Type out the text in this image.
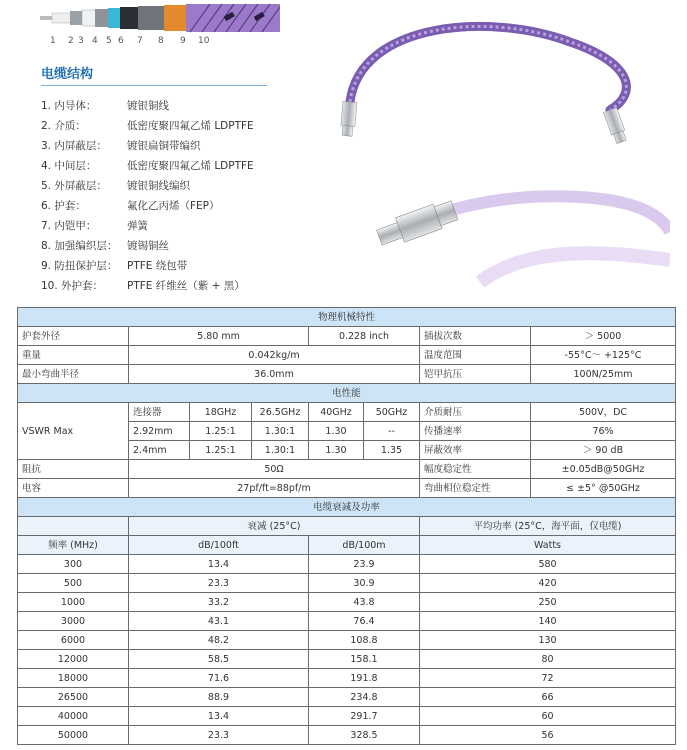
1 2 3 4 5 6 7 8 9 10
电缆结构
1. 内导体：	镀银铜线
2. 介质：	低密度聚四氟乙烯 LDPTFE
3. 内屏蔽层： 镀银扁铜带编织
4. 中间层：	低密度聚四氟乙烯 LDPTFE
5. 外屏蔽层： 镀银铜线编织
6. 护套：	氟化乙丙烯（FEP）
7. 内铠甲：	弹簧
8. 加强编织层： 镀锡铜丝
9. 防扭保护层： PTFE 绕包带
10. 外护套： PTFE 纤维丝（紫 + 黑）
物理机械特性							
护套外径	5.80 mm			0.228 inch		插拔次数	＞ 5000
重量	0.042kg/m					温度范围	-55°C～ +125°C
最小弯曲半径	36.0mm					铠甲抗压	100N/25mm
电性能							
VSWR Max	连接器	18GHz	26.5GHz	40GHz	50GHz	介质耐压	500V，DC
	2.92mm	1.25:1	1.30:1	1.30	--	传播速率	76%
	2.4mm	1.25:1	1.30:1	1.30	1.35	屏蔽效率	＞ 90 dB
阻抗	50Ω					幅度稳定性	±0.05dB@50GHz
电容	27pf/ft=88pf/m					弯曲相位稳定性	≤ ±5° @50GHz
电缆衰减及功率							
	衰减 (25°C)					平均功率 (25°C，海平面，仅电缆)	
频率 (MHz)	dB/100ft			dB/100m		Watts	
300	13.4			23.9		580	
500	23.3			30.9		420	
1000	33.2			43.8		250	
3000	43.1			76.4		140	
6000	48.2			108.8		130	
12000	58.5			158.1		80	
18000	71.6			191.8		72	
26500	88.9			234.8		66	
40000	13.4			291.7		60	
50000	23.3			328.5		56	
